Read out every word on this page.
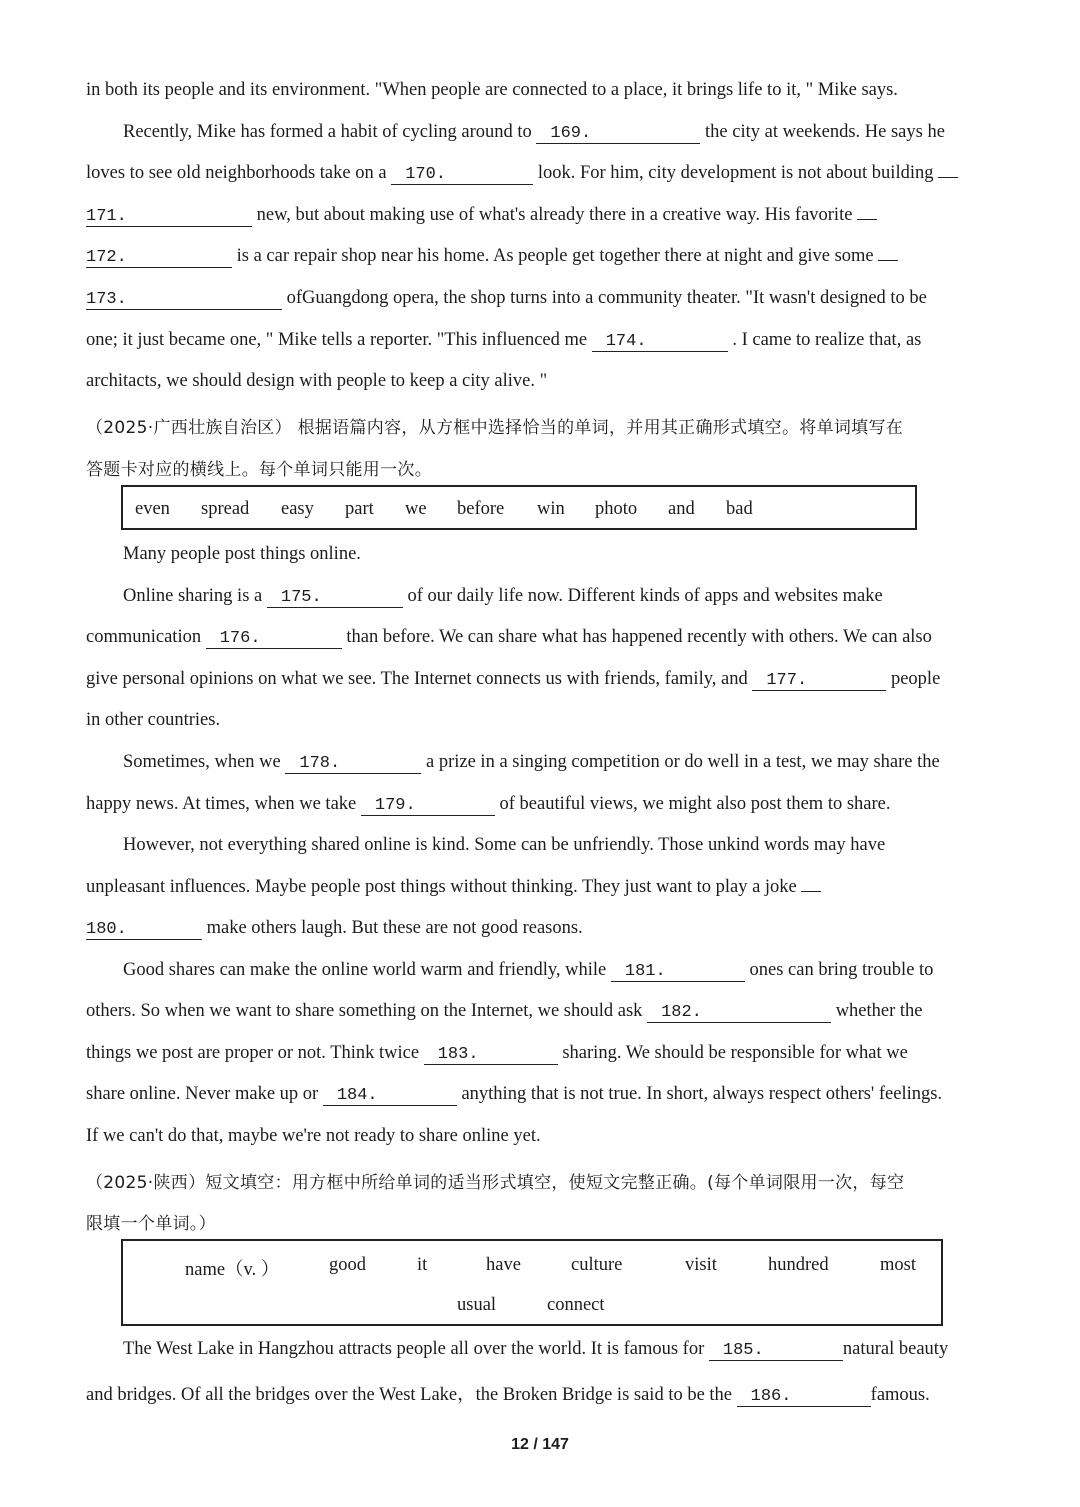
in both its people and its environment. "When people are connected to a place, it brings life to it, " Mike says.
Recently, Mike has formed a habit of cycling around to 169.	the city at weekends. He says he
loves to see old neighborhoods take on a 170.	look. For him, city development is not about building
171.	new, but about making use of what's already there in a creative way. His favorite
172.	is a car repair shop near his home. As people get together there at night and give some
173.	ofGuangdong opera, the shop turns into a community theater. "It wasn't designed to be
one; it just became one, " Mike tells a reporter. "This influenced me 174.	. I came to realize that, as
architacts, we should design with people to keep a city alive. "
（2025·广西壮族自治区） 根据语篇内容，从方框中选择恰当的单词，并用其正确形式填空。将单词填写在
答题卡对应的横线上。每个单词只能用一次。
even spread easy part we before win photo and bad
Many people post things online.
Online sharing is a 175.	of our daily life now. Different kinds of apps and websites make
communication 176.	than before. We can share what has happened recently with others. We can also
give personal opinions on what we see. The Internet connects us with friends, family, and 177.	people
in other countries.
Sometimes, when we 178.	a prize in a singing competition or do well in a test, we may share the
happy news. At times, when we take 179.	of beautiful views, we might also post them to share.
However, not everything shared online is kind. Some can be unfriendly. Those unkind words may have
unpleasant influences. Maybe people post things without thinking. They just want to play a joke
180.	make others laugh. But these are not good reasons.
Good shares can make the online world warm and friendly, while 181.	ones can bring trouble to
others. So when we want to share something on the Internet, we should ask 182.	whether the
things we post are proper or not. Think twice 183.	sharing. We should be responsible for what we
share online. Never make up or 184.	anything that is not true. In short, always respect others' feelings.
If we can't do that, maybe we're not ready to share online yet.
（2025·陕西）短文填空：用方框中所给单词的适当形式填空，使短文完整正确。(每个单词限用一次，每空
限填一个单词。）
name（v. ）	good	it	have	culture	visit	hundred	most
usual	connect
The West Lake in Hangzhou attracts people all over the world. It is famous for 185.	natural beauty
and bridges. Of all the bridges over the West Lake，the Broken Bridge is said to be the 186.	famous.
12 / 147
